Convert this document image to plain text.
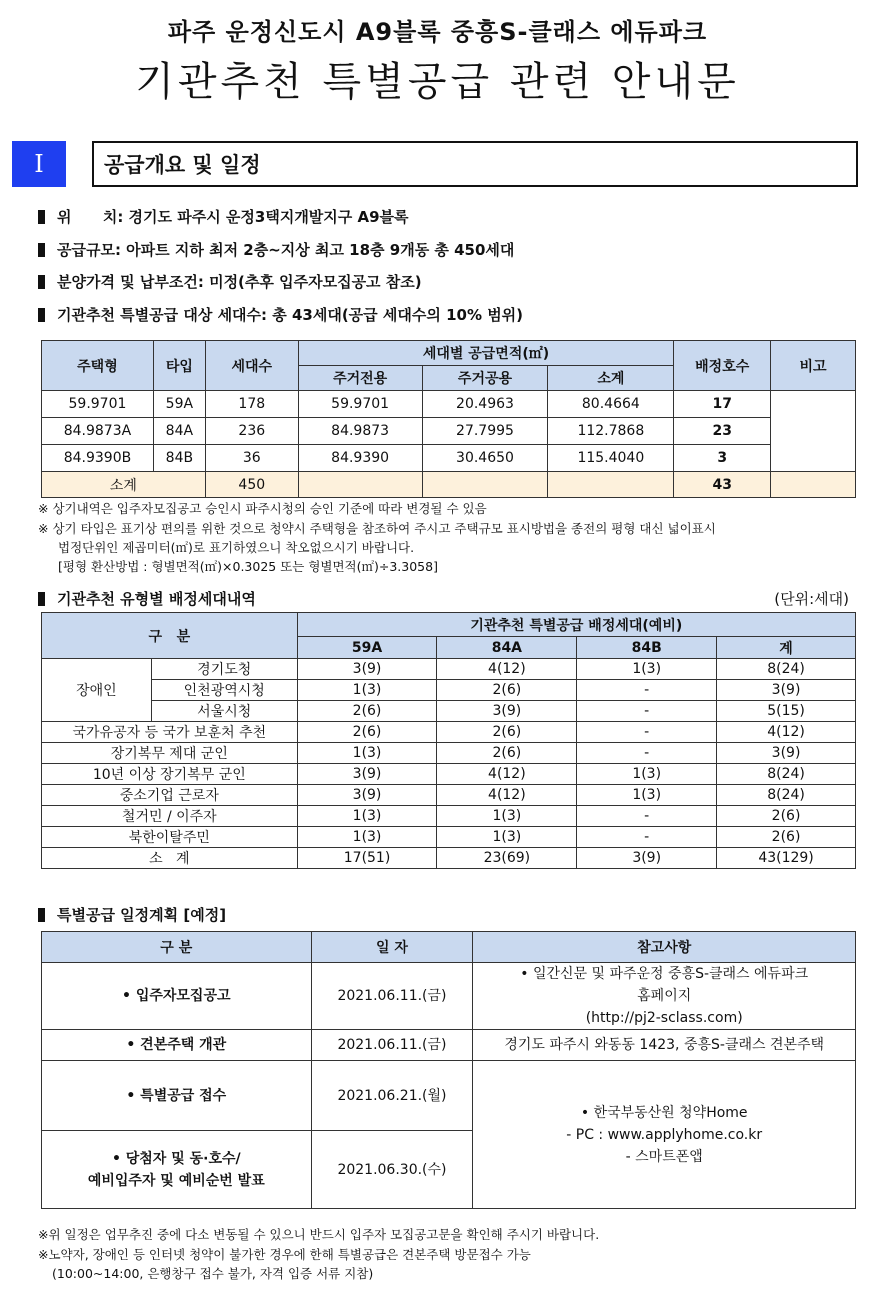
파주 운정신도시 A9블록 중흥S-클래스 에듀파크
기관추천 특별공급 관련 안내문
I	공급개요 및 일정
위      치: 경기도 파주시 운정3택지개발지구 A9블록
공급규모: 아파트 지하 최저 2층~지상 최고 18층 9개동 총 450세대
분양가격 및 납부조건: 미정(추후 입주자모집공고 참조)
기관추천 특별공급 대상 세대수: 총 43세대(공급 세대수의 10% 범위)
주택형	타입	세대수	세대별 공급면적(㎡)			배정호수	비고
			주거전용	주거공용	소계		
59.9701	59A	178	59.9701	20.4963	80.4664	17	
84.9873A	84A	236	84.9873	27.7995	112.7868	23	
84.9390B	84B	36	84.9390	30.4650	115.4040	3	
소계		450				43	
※ 상기내역은 입주자모집공고 승인시 파주시청의 승인 기준에 따라 변경될 수 있음
※ 상기 타입은 표기상 편의를 위한 것으로 청약시 주택형을 참조하여 주시고 주택규모 표시방법을 종전의 평형 대신 넓이표시
법정단위인 제곱미터(㎡)로 표기하였으니 착오없으시기 바랍니다.
[평형 환산방법 : 형별면적(㎡)×0.3025 또는 형별면적(㎡)÷3.3058]
기관추천 유형별 배정세대내역	(단위:세대)
구   분		기관추천 특별공급 배정세대(예비)			
		59A	84A	84B	계
장애인	경기도청	3(9)	4(12)	1(3)	8(24)
	인천광역시청	1(3)	2(6)	-	3(9)
	서울시청	2(6)	3(9)	-	5(15)
국가유공자 등 국가 보훈처 추천		2(6)	2(6)	-	4(12)
장기복무 제대 군인		1(3)	2(6)	-	3(9)
10년 이상 장기복무 군인		3(9)	4(12)	1(3)	8(24)
중소기업 근로자		3(9)	4(12)	1(3)	8(24)
철거민 / 이주자		1(3)	1(3)	-	2(6)
북한이탈주민		1(3)	1(3)	-	2(6)
소   계		17(51)	23(69)	3(9)	43(129)
특별공급 일정계획 [예정]
구 분	일 자	참고사항
• 입주자모집공고	2021.06.11.(금)	• 일간신문 및 파주운정 중흥S-클래스 에듀파크
홈페이지
(http://pj2-sclass.com)

• 견본주택 개관	2021.06.11.(금)	경기도 파주시 와동동 1423, 중흥S-클래스 견본주택
• 특별공급 접수	2021.06.21.(월)	• 한국부동산원 청약Home
- PC : www.applyhome.co.kr
- 스마트폰앱

• 당첨자 및 동·호수/
예비입주자 및 예비순번 발표	2021.06.30.(수)	
※위 일정은 업무추진 중에 다소 변동될 수 있으니 반드시 입주자 모집공고문을 확인해 주시기 바랍니다.
※노약자, 장애인 등 인터넷 청약이 불가한 경우에 한해 특별공급은 견본주택 방문접수 가능
(10:00~14:00, 은행창구 접수 불가, 자격 입증 서류 지참)
